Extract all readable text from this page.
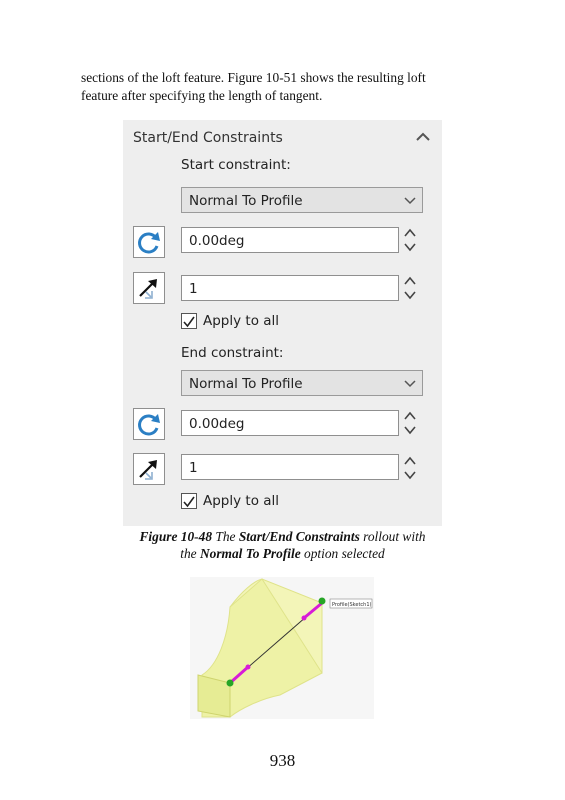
sections of the loft feature. Figure 10-51 shows the resulting loft
feature after specifying the length of tangent.
Start/End Constraints
Start constraint:
Normal To Profile
0.00deg
1
Apply to all
End constraint:
Normal To Profile
0.00deg
1
Apply to all
Figure 10-48 The Start/End Constraints rollout with
the Normal To Profile option selected
Profile(Sketch1)
938
